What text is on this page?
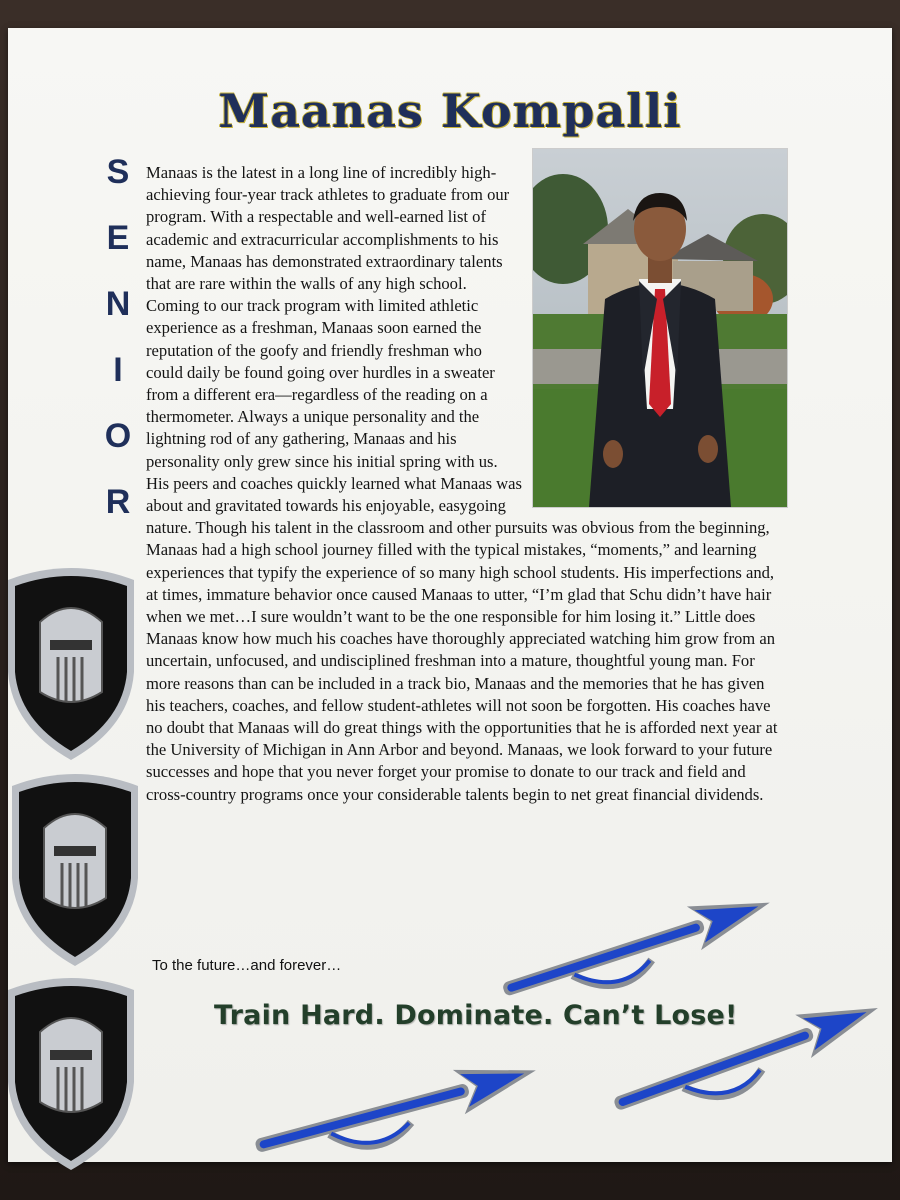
Maanas Kompalli
S
E
N
I
O
R
Manaas is the latest in a long line of incredibly high-achieving four-year track athletes to graduate from our program. With a respectable and well-earned list of academic and extracurricular accomplishments to his name, Manaas has demonstrated extraordinary talents that are rare within the walls of any high school. Coming to our track program with limited athletic experience as a freshman, Manaas soon earned the reputation of the goofy and friendly freshman who could daily be found going over hurdles in a sweater from a different era—regardless of the reading on a thermometer. Always a unique personality and the lightning rod of any gathering, Manaas and his personality only grew since his initial spring with us. His peers and coaches quickly learned what Manaas was about and gravitated towards his enjoyable, easygoing nature. Though his talent in the classroom and other pursuits was obvious from the beginning, Manaas had a high school journey filled with the typical mistakes, “moments,” and learning experiences that typify the experience of so many high school students. His imperfections and, at times, immature behavior once caused Manaas to utter, “I’m glad that Schu didn’t have hair when we met…I sure wouldn’t want to be the one responsible for him losing it.” Little does Manaas know how much his coaches have thoroughly appreciated watching him grow from an uncertain, unfocused, and undisciplined freshman into a mature, thoughtful young man. For more reasons than can be included in a track bio, Manaas and the memories that he has given his teachers, coaches, and fellow student-athletes will not soon be forgotten. His coaches have no doubt that Manaas will do great things with the opportunities that he is afforded next year at the University of Michigan in Ann Arbor and beyond. Manaas, we look forward to your future successes and hope that you never forget your promise to donate to our track and field and cross-country programs once your considerable talents begin to net great financial dividends.
To the future…and forever…
Train Hard. Dominate. Can’t Lose!
